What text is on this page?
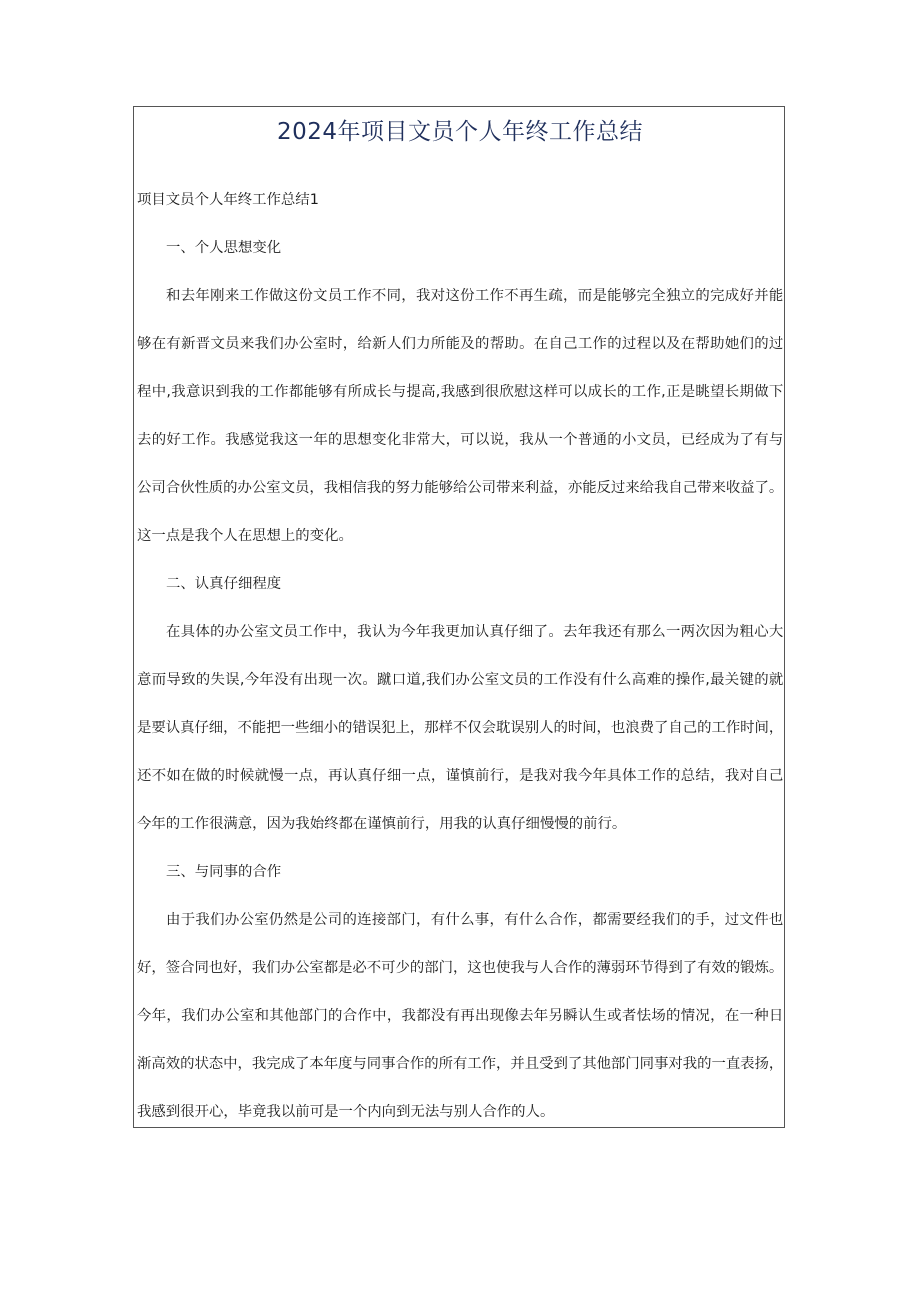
2024年项目文员个人年终工作总结
项目文员个人年终工作总结1
一、个人思想变化
和去年刚来工作做这份文员工作不同，我对这份工作不再生疏，而是能够完全独立的完成好并能
够在有新晋文员来我们办公室时，给新人们力所能及的帮助。在自己工作的过程以及在帮助她们的过
程中,我意识到我的工作都能够有所成长与提高,我感到很欣慰这样可以成长的工作,正是眺望长期做下
去的好工作。我感觉我这一年的思想变化非常大，可以说，我从一个普通的小文员，已经成为了有与
公司合伙性质的办公室文员，我相信我的努力能够给公司带来利益，亦能反过来给我自己带来收益了。
这一点是我个人在思想上的变化。
二、认真仔细程度
在具体的办公室文员工作中，我认为今年我更加认真仔细了。去年我还有那么一两次因为粗心大
意而导致的失误,今年没有出现一次。蹴口道,我们办公室文员的工作没有什么高难的操作,最关键的就
是要认真仔细，不能把一些细小的错误犯上，那样不仅会耽误别人的时间，也浪费了自己的工作时间，
还不如在做的时候就慢一点，再认真仔细一点，谨慎前行，是我对我今年具体工作的总结，我对自己
今年的工作很满意，因为我始终都在谨慎前行，用我的认真仔细慢慢的前行。
三、与同事的合作
由于我们办公室仍然是公司的连接部门，有什么事，有什么合作，都需要经我们的手，过文件也
好，签合同也好，我们办公室都是必不可少的部门，这也使我与人合作的薄弱环节得到了有效的锻炼。
今年，我们办公室和其他部门的合作中，我都没有再出现像去年另瞬认生或者怯场的情况，在一种日
渐高效的状态中，我完成了本年度与同事合作的所有工作，并且受到了其他部门同事对我的一直表扬，
我感到很开心，毕竟我以前可是一个内向到无法与别人合作的人。
